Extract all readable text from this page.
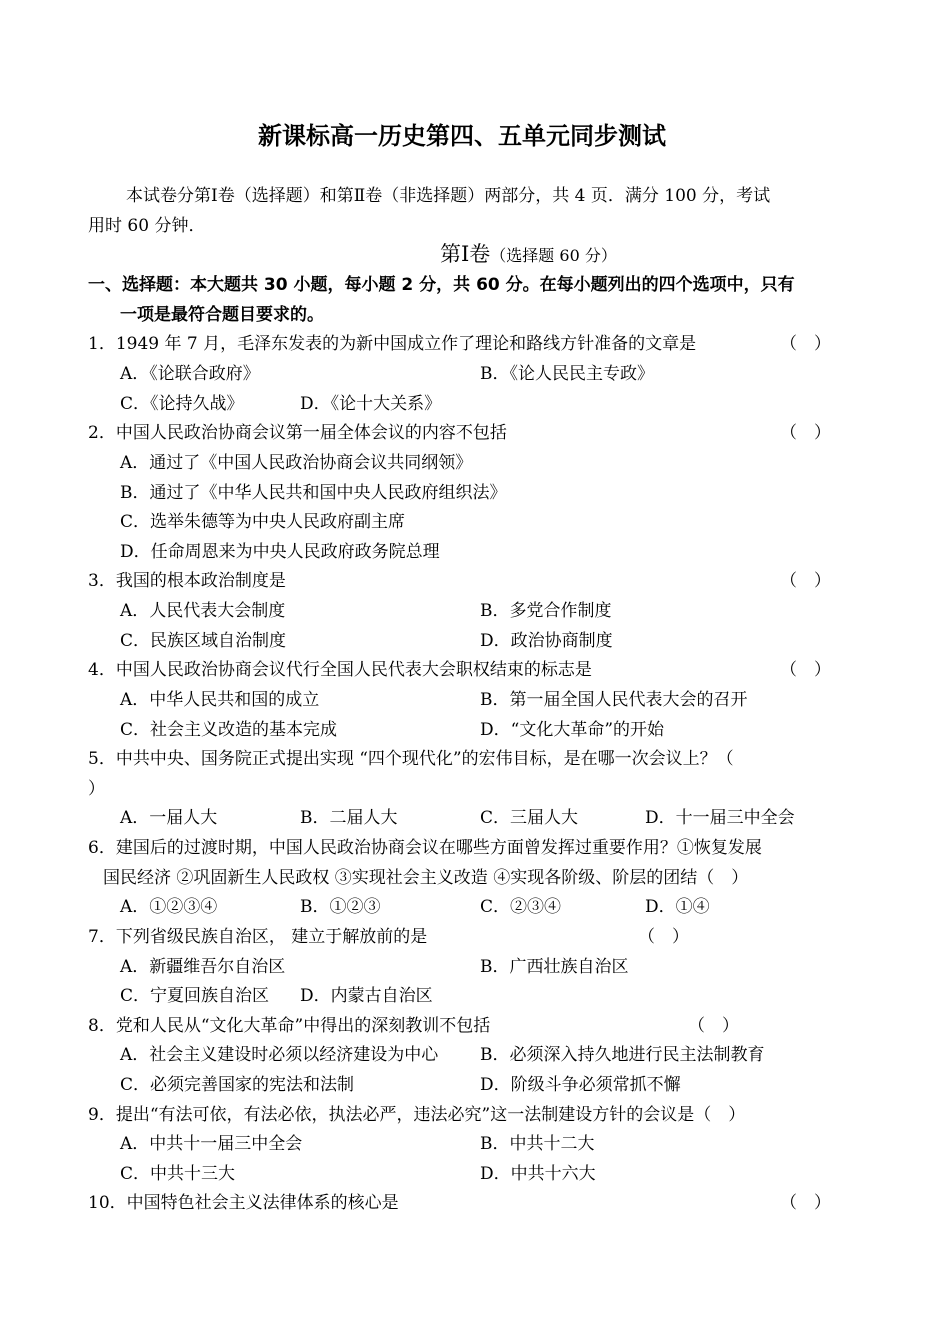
新课标高一历史第四、五单元同步测试
本试卷分第Ⅰ卷（选择题）和第Ⅱ卷（非选择题）两部分，共 4 页．满分 100 分，考试
用时 60 分钟．
第Ⅰ卷（选择题 60 分）
一、选择题：本大题共 30 小题，每小题 2 分，共 60 分。在每小题列出的四个选项中，只有
一项是最符合题目要求的。
1．1949 年 7 月，毛泽东发表的为新中国成立作了理论和路线方针准备的文章是	（　）
A．《论联合政府》	B．《论人民民主专政》
C．《论持久战》	D．《论十大关系》
2．中国人民政治协商会议第一届全体会议的内容不包括	（　）
A．通过了《中国人民政治协商会议共同纲领》
B．通过了《中华人民共和国中央人民政府组织法》
C．选举朱德等为中央人民政府副主席
D．任命周恩来为中央人民政府政务院总理
3．我国的根本政治制度是	（　）
A．人民代表大会制度	B．多党合作制度
C．民族区域自治制度	D．政治协商制度
4．中国人民政治协商会议代行全国人民代表大会职权结束的标志是	（　）
A．中华人民共和国的成立	B．第一届全国人民代表大会的召开
C．社会主义改造的基本完成	D．“文化大革命”的开始
5．中共中央、国务院正式提出实现 “四个现代化”的宏伟目标，是在哪一次会议上？（
）
A．一届人大	B．二届人大	C．三届人大	D．十一届三中全会
6．建国后的过渡时期，中国人民政治协商会议在哪些方面曾发挥过重要作用？①恢复发展
国民经济 ②巩固新生人民政权 ③实现社会主义改造 ④实现各阶级、阶层的团结（　）
A．①②③④	B．①②③	C．②③④	D．①④
7．下列省级民族自治区， 建立于解放前的是	（　）
A．新疆维吾尔自治区	B．广西壮族自治区
C．宁夏回族自治区 D．内蒙古自治区
8．党和人民从“文化大革命”中得出的深刻教训不包括	（　）
A．社会主义建设时必须以经济建设为中心 B．必须深入持久地进行民主法制教育
C．必须完善国家的宪法和法制	D．阶级斗争必须常抓不懈
9．提出“有法可依，有法必依，执法必严，违法必究”这一法制建设方针的会议是（　）
A．中共十一届三中全会	B．中共十二大
C．中共十三大	D．中共十六大
10．中国特色社会主义法律体系的核心是	（　）
